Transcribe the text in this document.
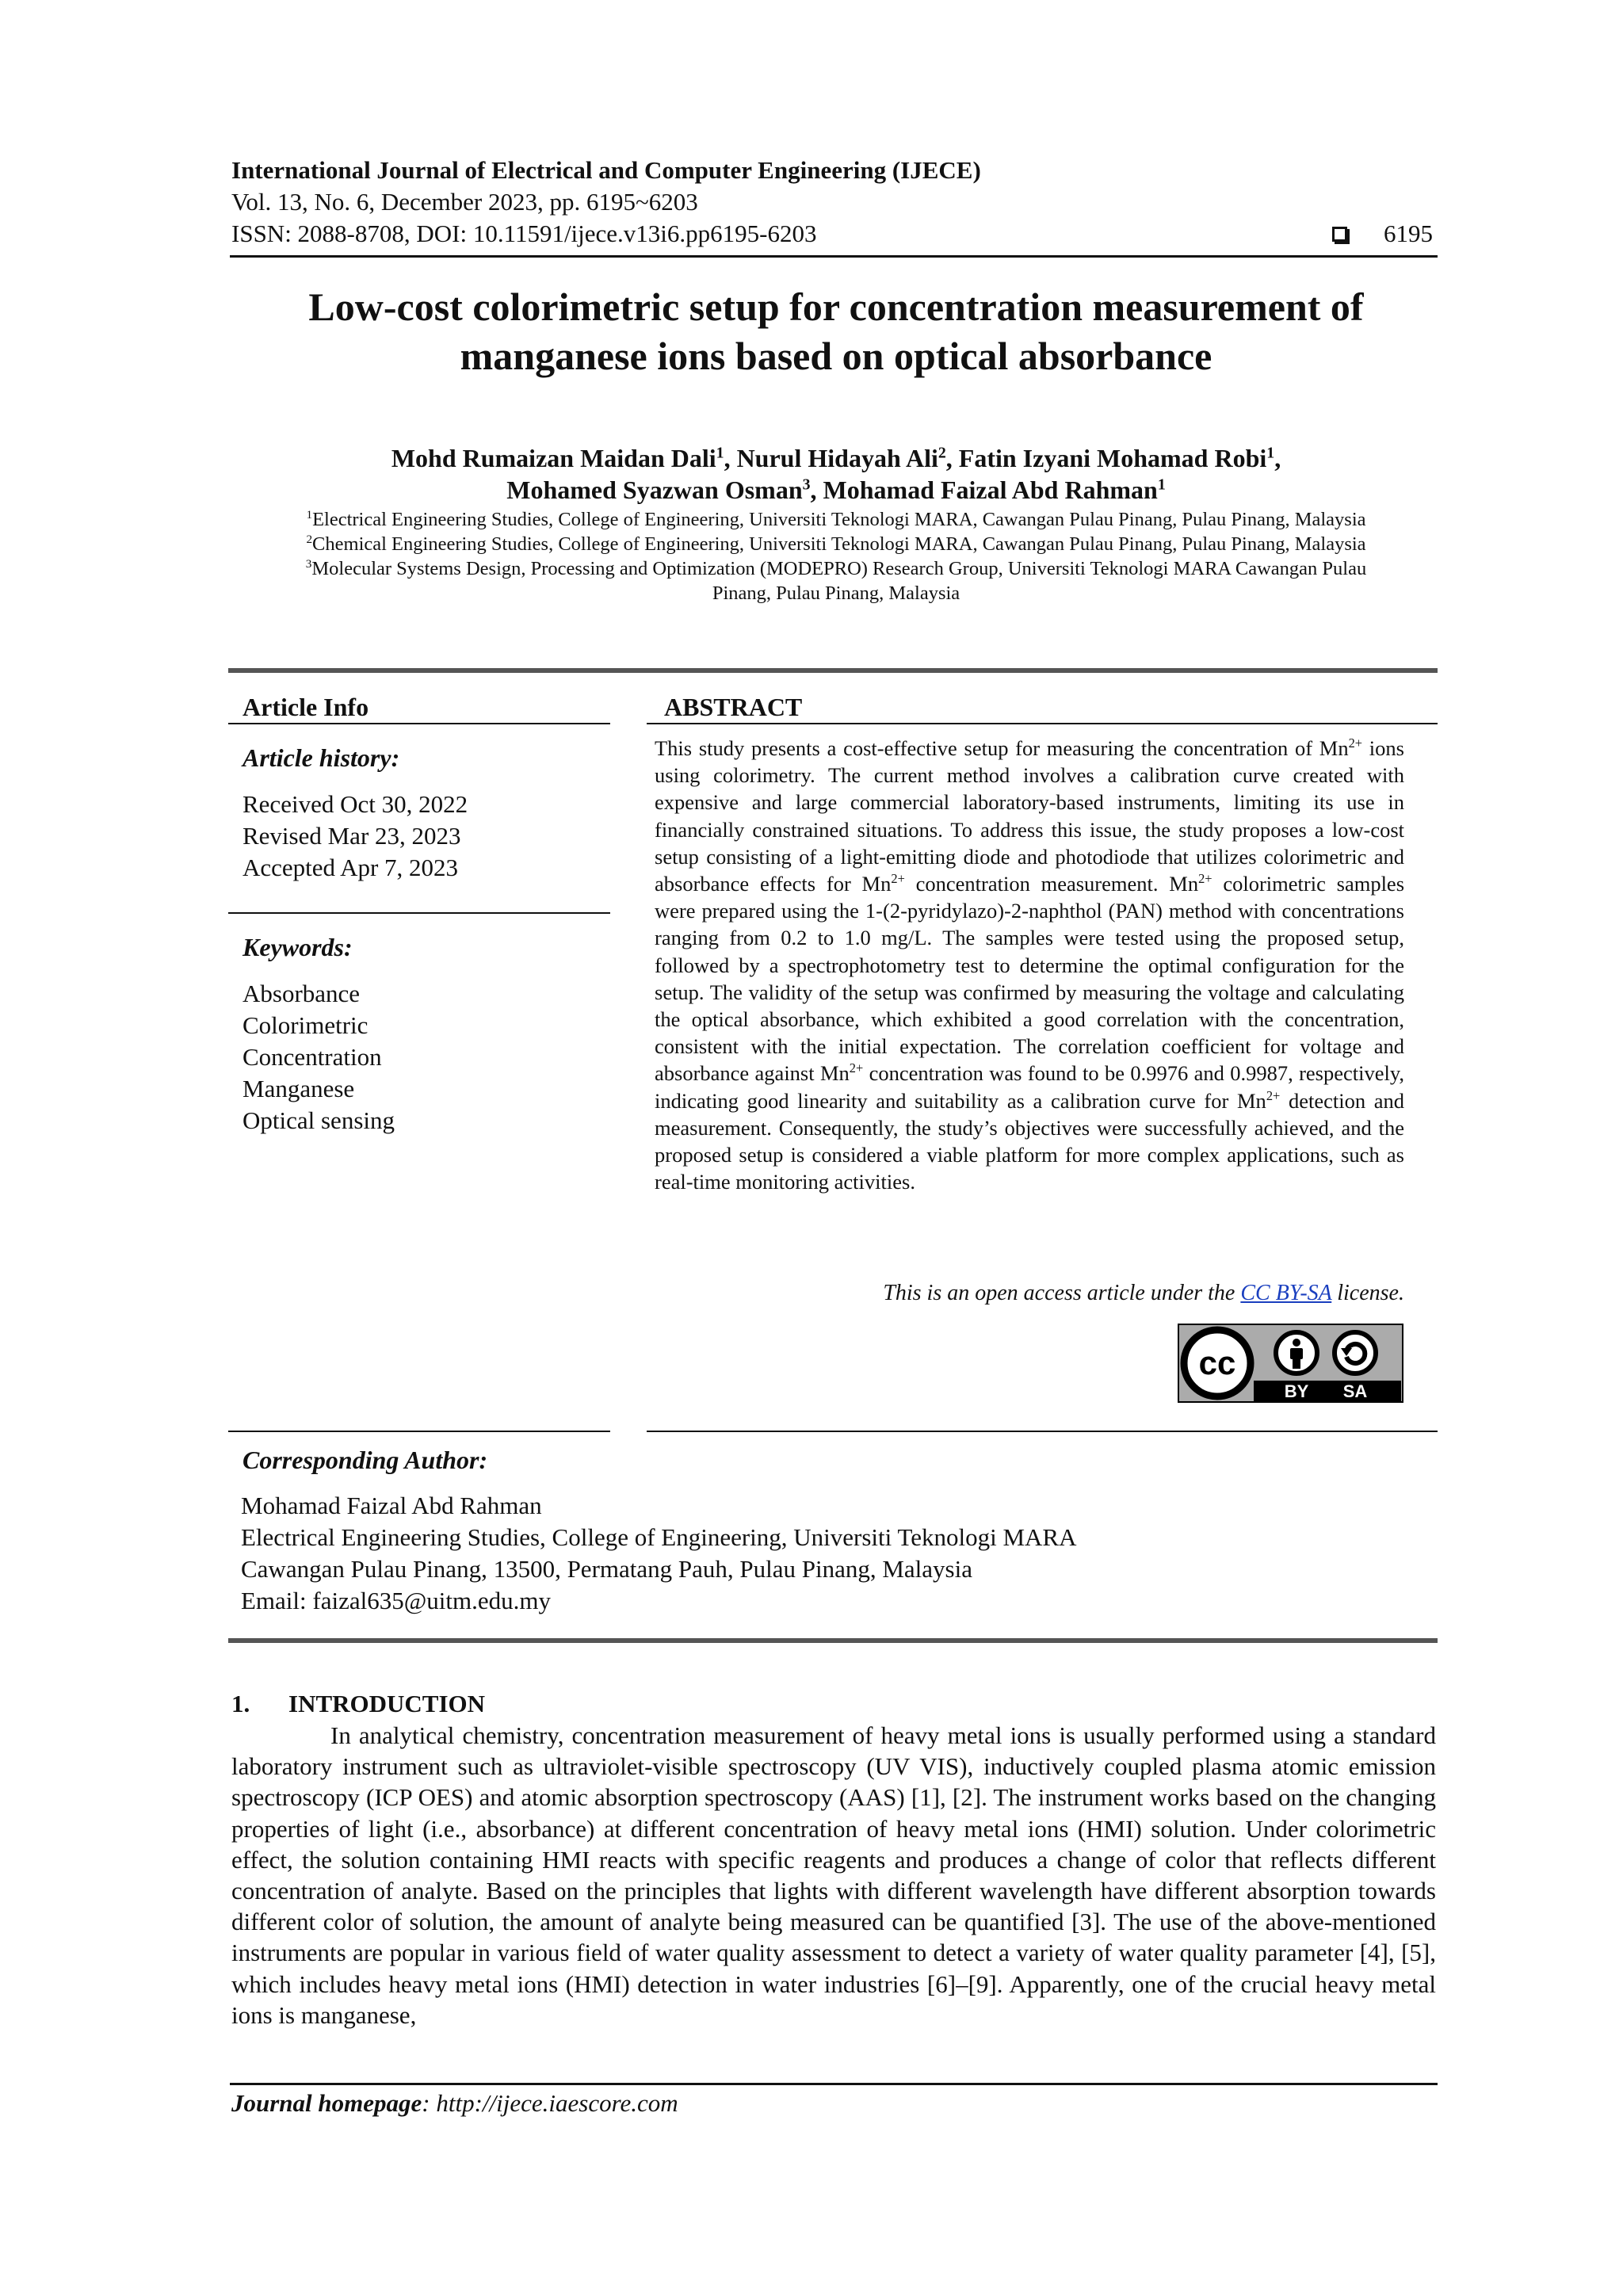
International Journal of Electrical and Computer Engineering (IJECE)
Vol. 13, No. 6, December 2023, pp. 6195~6203
ISSN: 2088-8708, DOI: 10.11591/ijece.v13i6.pp6195-6203	6195
Low-cost colorimetric setup for concentration measurement of
manganese ions based on optical absorbance
Mohd Rumaizan Maidan Dali$^1$, Nurul Hidayah Ali$^2$, Fatin Izyani Mohamad Robi$^1$,
Mohamed Syazwan Osman$^3$, Mohamad Faizal Abd Rahman$^1$
$^1$Electrical Engineering Studies, College of Engineering, Universiti Teknologi MARA, Cawangan Pulau Pinang, Pulau Pinang, Malaysia
$^2$Chemical Engineering Studies, College of Engineering, Universiti Teknologi MARA, Cawangan Pulau Pinang, Pulau Pinang, Malaysia
$^3$Molecular Systems Design, Processing and Optimization (MODEPRO) Research Group, Universiti Teknologi MARA Cawangan Pulau
Pinang, Pulau Pinang, Malaysia
Article Info	ABSTRACT
Article history:
Received Oct 30, 2022
Revised Mar 23, 2023
Accepted Apr 7, 2023
Keywords:
Absorbance
Colorimetric
Concentration
Manganese
Optical sensing
This study presents a cost-effective setup for measuring the concentration of $Mn^{2+}$ ions using colorimetry. The current method involves a calibration curve created with expensive and large commercial laboratory-based instruments, limiting its use in financially constrained situations. To address this issue, the study proposes a low-cost setup consisting of a light-emitting diode and photodiode that utilizes colorimetric and absorbance effects for $Mn^{2+}$ concentration measurement. $Mn^{2+}$ colorimetric samples were prepared using the 1-(2-pyridylazo)-2-naphthol (PAN) method with concentrations ranging from 0.2 to 1.0 mg/L. The samples were tested using the proposed setup, followed by a spectrophotometry test to determine the optimal configuration for the setup. The validity of the setup was confirmed by measuring the voltage and calculating the optical absorbance, which exhibited a good correlation with the concentration, consistent with the initial expectation. The correlation coefficient for voltage and absorbance against $Mn^{2+}$ concentration was found to be 0.9976 and 0.9987, respectively, indicating good linearity and suitability as a calibration curve for $Mn^{2+}$ detection and measurement. Consequently, the study’s objectives were successfully achieved, and the proposed setup is considered a viable platform for more complex applications, such as real-time monitoring activities.
This is an open access article under the CC BY-SA license.
cc
BY SA
Corresponding Author:
Mohamad Faizal Abd Rahman
Electrical Engineering Studies, College of Engineering, Universiti Teknologi MARA
Cawangan Pulau Pinang, 13500, Permatang Pauh, Pulau Pinang, Malaysia
Email: faizal635@uitm.edu.my
1. INTRODUCTION
In analytical chemistry, concentration measurement of heavy metal ions is usually performed using a standard laboratory instrument such as ultraviolet-visible spectroscopy (UV VIS), inductively coupled plasma atomic emission spectroscopy (ICP OES) and atomic absorption spectroscopy (AAS) [1], [2]. The instrument works based on the changing properties of light (i.e., absorbance) at different concentration of heavy metal ions (HMI) solution. Under colorimetric effect, the solution containing HMI reacts with specific reagents and produces a change of color that reflects different concentration of analyte. Based on the principles that lights with different wavelength have different absorption towards different color of solution, the amount of analyte being measured can be quantified [3]. The use of the above-mentioned instruments are popular in various field of water quality assessment to detect a variety of water quality parameter [4], [5], which includes heavy metal ions (HMI) detection in water industries [6]–[9]. Apparently, one of the crucial heavy metal ions is manganese,
Journal homepage: http://ijece.iaescore.com
